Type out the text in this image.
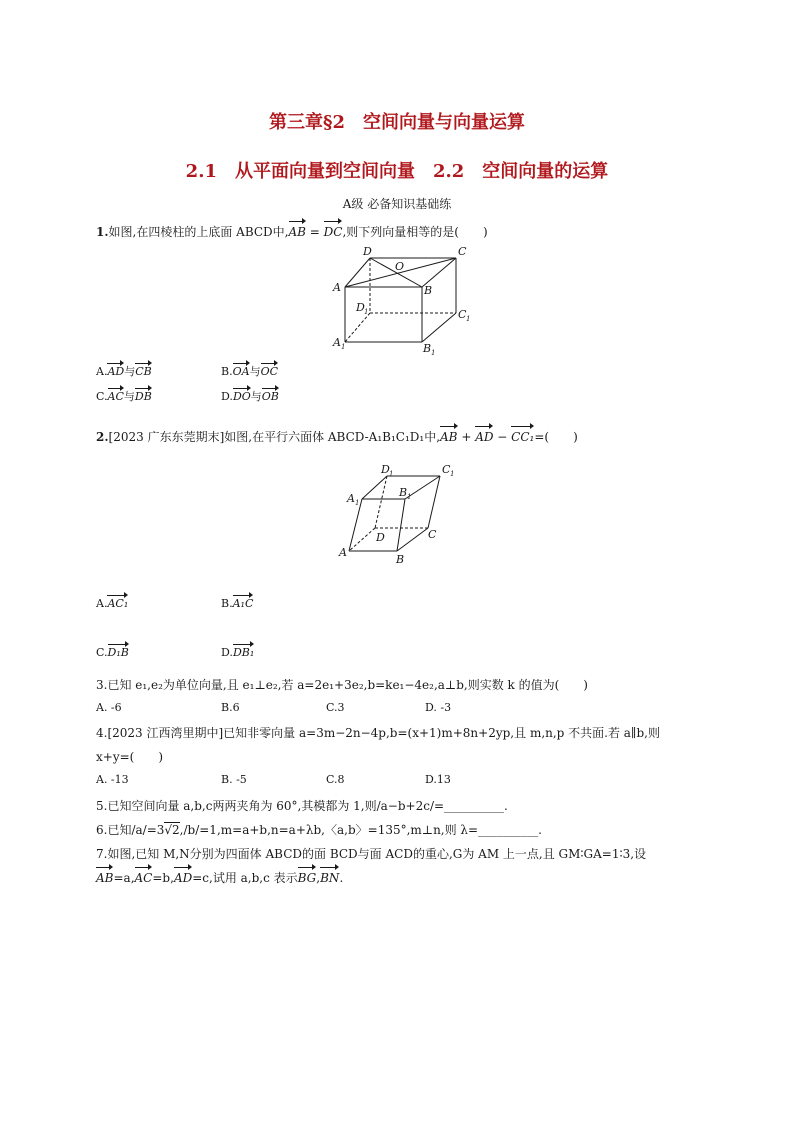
第三章§2　空间向量与向量运算
2.1　从平面向量到空间向量　2.2　空间向量的运算
A级 必备知识基础练
1.如图,在四棱柱的上底面 ABCD中,AB = DC,则下列向量相等的是(　　)
D	C
O
A	B
D 1	C 1
A 1	B 1
A.AD与CB	B.OA与OC
C.AC与DB	D.DO与OB
2.[2023 广东东莞期末]如图,在平行六面体 ABCD-A₁B₁C₁D₁中,AB + AD − CC₁=(　　)
D 1	C 1
A 1
B 1
D	C
A
B
A.AC₁	B.A₁C
C.D₁B	D.DB₁
3.已知 e₁,e₂为单位向量,且 e₁⊥e₂,若 a=2e₁+3e₂,b=ke₁−4e₂,a⊥b,则实数 k 的值为(　　)
A. -6	B.6	C.3	D. -3
4.[2023 江西湾里期中]已知非零向量 a=3m−2n−4p,b=(x+1)m+8n+2yp,且 m,n,p 不共面.若 a∥b,则
x+y=(　　)
A. -13	B. -5	C.8	D.13
5.已知空间向量 a,b,c两两夹角为 60°,其模都为 1,则/a−b+2c/=__________.
6.已知/a/=3√2,/b/=1,m=a+b,n=a+λb,〈a,b〉=135°,m⊥n,则 λ=__________.
7.如图,已知 M,N分别为四面体 ABCD的面 BCD与面 ACD的重心,G为 AM 上一点,且 GM∶GA=1∶3,设
AB=a,AC=b,AD=c,试用 a,b,c 表示BG,BN.
